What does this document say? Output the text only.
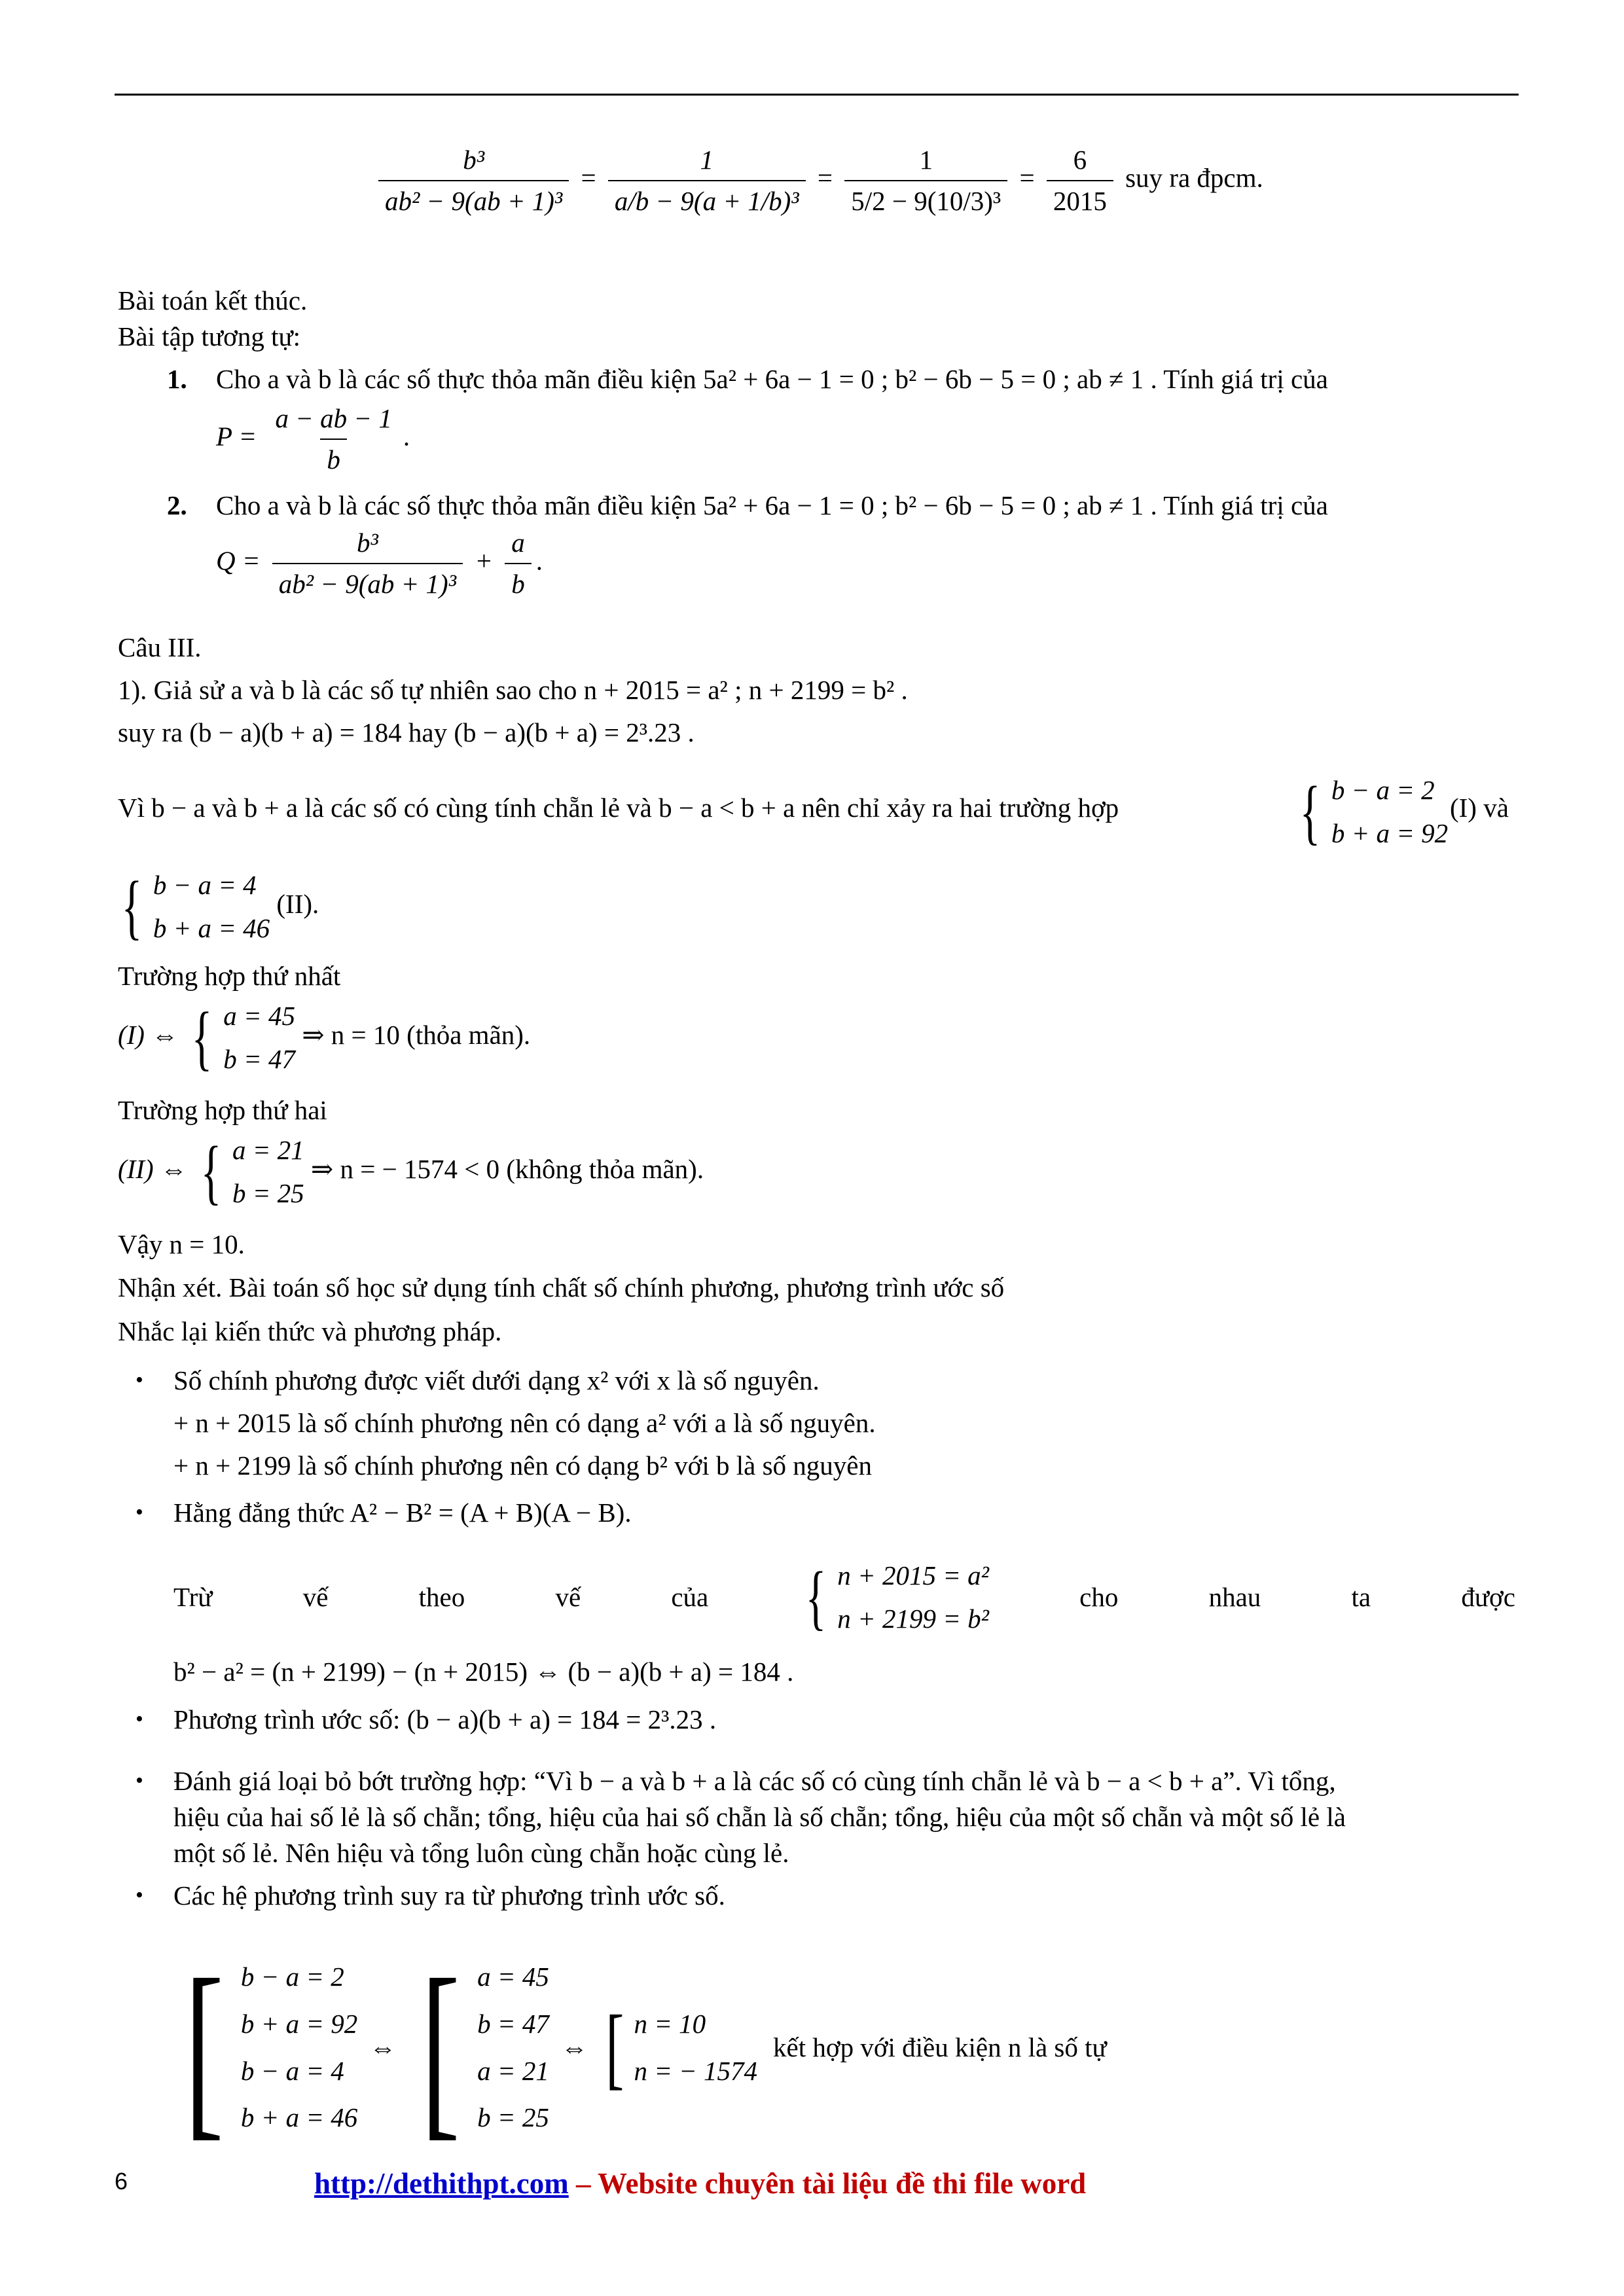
$\frac{\text{b³}}{\text{ab² − 9(ab + 1)³}} = \frac{1}{\text{a/b − 9(a + 1/b)³}} = \frac{1}{\text{5/2 − 9(10/3)³}} = \frac{6}{2015}$ suy ra đpcm.
Bài toán kết thúc.
Bài tập tương tự:
1. Cho a và b là các số thực thỏa mãn điều kiện 5a² + 6a − 1 = 0 ; b² − 6b − 5 = 0 ; ab ≠ 1 . Tính giá trị của
$P = \frac{a - ab - 1}{b}$ .
2. Cho a và b là các số thực thỏa mãn điều kiện 5a² + 6a − 1 = 0 ; b² − 6b − 5 = 0 ; ab ≠ 1 . Tính giá trị của
$Q = \frac{\text{b³}}{\text{ab² − 9(ab + 1)³}} + \frac{a}{b}$ .
Câu III.
1). Giả sử a và b là các số tự nhiên sao cho n + 2015 = a² ; n + 2199 = b² .
suy ra (b − a)(b + a) = 184 hay (b − a)(b + a) = 2³.23 .
Vì b − a và b + a là các số có cùng tính chẵn lẻ và b − a < b + a nên chỉ xảy ra hai trường hợp	{ b − a = 2
b + a = 92
(I) và
{ b − a = 4
b + a = 46
(II).
Trường hợp thứ nhất
(I) ⇔ { a = 45
b = 47
⇒ n = 10 (thỏa mãn).
Trường hợp thứ hai
(II) ⇔ { a = 21
b = 25
⇒ n = − 1574 < 0 (không thỏa mãn).
Vậy n = 10.
Nhận xét. Bài toán số học sử dụng tính chất số chính phương, phương trình ước số
Nhắc lại kiến thức và phương pháp.
• Số chính phương được viết dưới dạng x² với x là số nguyên.
+ n + 2015 là số chính phương nên có dạng a² với a là số nguyên.
+ n + 2199 là số chính phương nên có dạng b² với b là số nguyên
• Hằng đẳng thức A² − B² = (A + B)(A − B).
Trừ	vế	theo	vế	của { n + 2015 = a²
n + 2199 = b²
cho	nhau	ta	được
b² − a² = (n + 2199) − (n + 2015) ⇔ (b − a)(b + a) = 184 .
• Phương trình ước số: (b − a)(b + a) = 184 = 2³.23 .
• Đánh giá loại bỏ bớt trường hợp: “Vì b − a và b + a là các số có cùng tính chẵn lẻ và b − a < b + a”. Vì tổng,
hiệu của hai số lẻ là số chẵn; tổng, hiệu của hai số chẵn là số chẵn; tổng, hiệu của một số chẵn và một số lẻ là
một số lẻ. Nên hiệu và tổng luôn cùng chẵn hoặc cùng lẻ.
• Các hệ phương trình suy ra từ phương trình ước số.
[ b − a = 2
b + a = 92
b − a = 4
b + a = 46
⇔ [ a = 45
b = 47
a = 21
b = 25
⇔ [ n = 10
n = − 1574
kết hợp với điều kiện n là số tự
6	http://dethithpt.com – Website chuyên tài liệu đề thi file word
